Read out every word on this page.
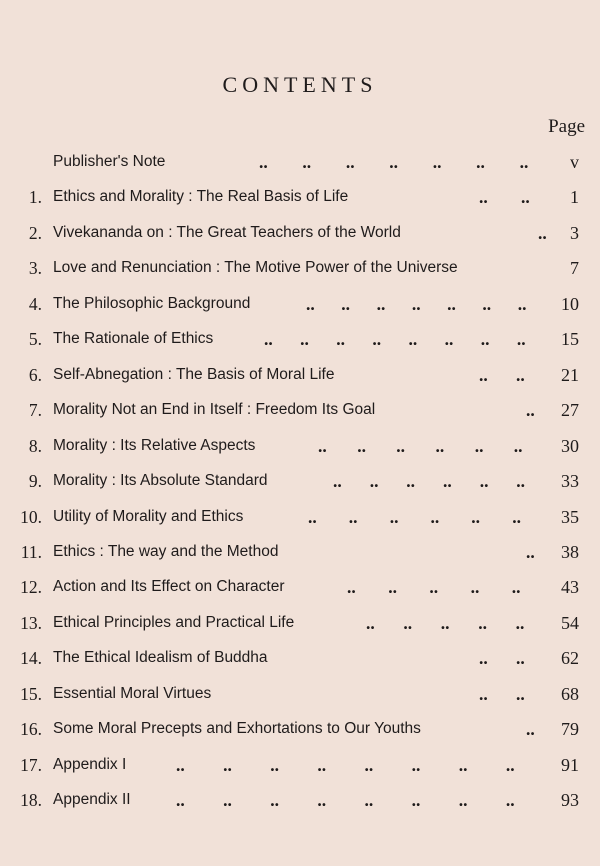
CONTENTS
Page
Publisher's Note	.. .. .. .. .. .. .. v
1. Ethics and Morality : The Real Basis of Life	.. .. 1
2. Vivekananda on : The Great Teachers of the World	.. 3
3. Love and Renunciation : The Motive Power of the Universe	7
4. The Philosophic Background	.. .. .. .. .. .. .. 10
5. The Rationale of Ethics	.. .. .. .. .. .. .. .. 15
6. Self-Abnegation : The Basis of Moral Life	.. .. 21
7. Morality Not an End in Itself : Freedom Its Goal	.. 27
8. Morality : Its Relative Aspects	.. .. .. .. .. .. 30
9. Morality : Its Absolute Standard	.. .. .. .. .. .. 33
10. Utility of Morality and Ethics	.. .. .. .. .. .. 35
11. Ethics : The way and the Method	.. 38
12. Action and Its Effect on Character	.. .. .. .. .. 43
13. Ethical Principles and Practical Life	.. .. .. .. .. 54
14. The Ethical Idealism of Buddha	.. .. 62
15. Essential Moral Virtues	.. .. 68
16. Some Moral Precepts and Exhortations to Our Youths	.. 79
17. Appendix I	.. .. .. .. .. .. .. ..	91
18. Appendix II	.. .. .. .. .. .. .. ..	93
